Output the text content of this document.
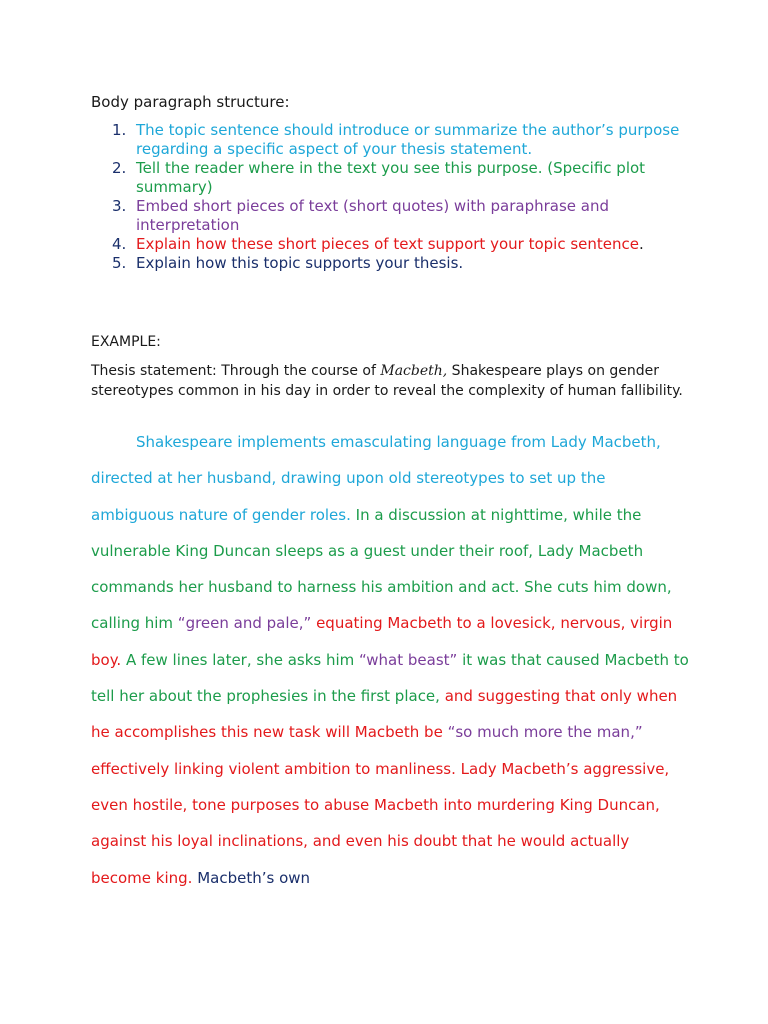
Body paragraph structure:
1. The topic sentence should introduce or summarize the author’s purpose regarding a specific aspect of your thesis statement.
2. Tell the reader where in the text you see this purpose. (Specific plot summary)
3. Embed short pieces of text (short quotes) with paraphrase and interpretation
4. Explain how these short pieces of text support your topic sentence.
5. Explain how this topic supports your thesis.
EXAMPLE:
Thesis statement: Through the course of Macbeth, Shakespeare plays on gender stereotypes common in his day in order to reveal the complexity of human fallibility.

Shakespeare implements emasculating language from Lady Macbeth, directed at her husband, drawing upon old stereotypes to set up the ambiguous nature of gender roles. In a discussion at nighttime, while the vulnerable King Duncan sleeps as a guest under their roof, Lady Macbeth commands her husband to harness his ambition and act. She cuts him down, calling him “green and pale,” equating Macbeth to a lovesick, nervous, virgin boy. A few lines later, she asks him “what beast” it was that caused Macbeth to tell her about the prophesies in the first place, and suggesting that only when he accomplishes this new task will Macbeth be “so much more the man,” effectively linking violent ambition to manliness. Lady Macbeth’s aggressive, even hostile, tone purposes to abuse Macbeth into murdering King Duncan, against his loyal inclinations, and even his doubt that he would actually become king. Macbeth’s own
